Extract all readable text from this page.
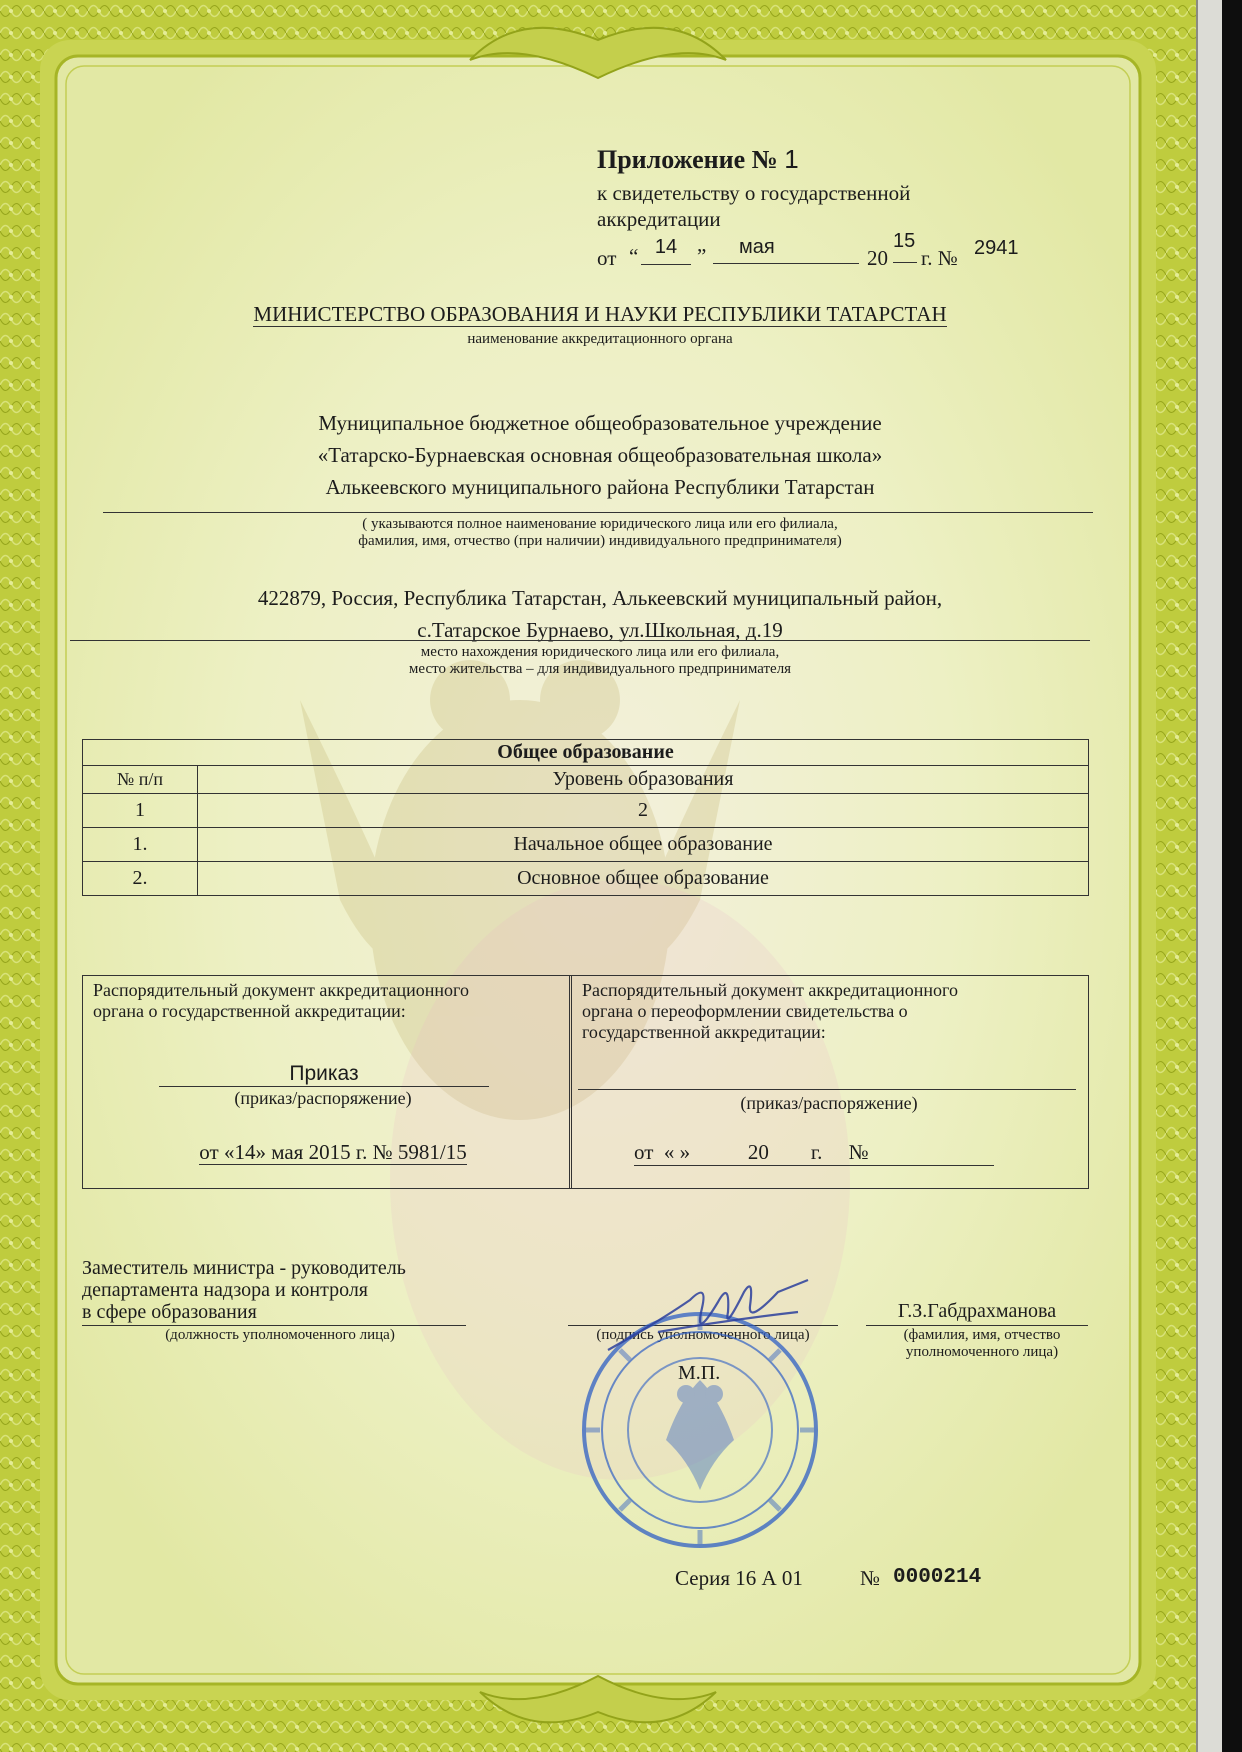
Приложение № 1
к свидетельству о государственной
аккредитации
от “ 14 ”	мая	20
15
г. № 2941
МИНИСТЕРСТВО ОБРАЗОВАНИЯ И НАУКИ РЕСПУБЛИКИ ТАТАРСТАН
наименование аккредитационного органа
Муниципальное бюджетное общеобразовательное учреждение
«Татарско-Бурнаевская основная общеобразовательная школа»
Алькеевского муниципального района Республики Татарстан
( указываются полное наименование юридического лица или его филиала,
фамилия, имя, отчество (при наличии) индивидуального предпринимателя)
422879, Россия, Республика Татарстан, Алькеевский муниципальный район,
с.Татарское Бурнаево, ул.Школьная, д.19
место нахождения юридического лица или его филиала,
место жительства – для индивидуального предпринимателя
Общее образование	
№ п/п	Уровень образования
1	2
1.	Начальное общее образование
2.	Основное общее образование
Распорядительный документ аккредитационного
органа о государственной аккредитации:
Приказ
(приказ/распоряжение)
от «14» мая 2015 г. № 5981/15
Распорядительный документ аккредитационного
органа о переоформлении свидетельства о
государственной аккредитации:
(приказ/распоряжение)
от  « »           20        г.     №
Заместитель министра - руководитель
департамента надзора и контроля
в сфере образования
(должность уполномоченного лица)	(подпись уполномоченного лица)
Г.З.Габдрахманова
(фамилия, имя, отчество
уполномоченного лица)
М.П.
Серия 16 А 01	№ 0000214
